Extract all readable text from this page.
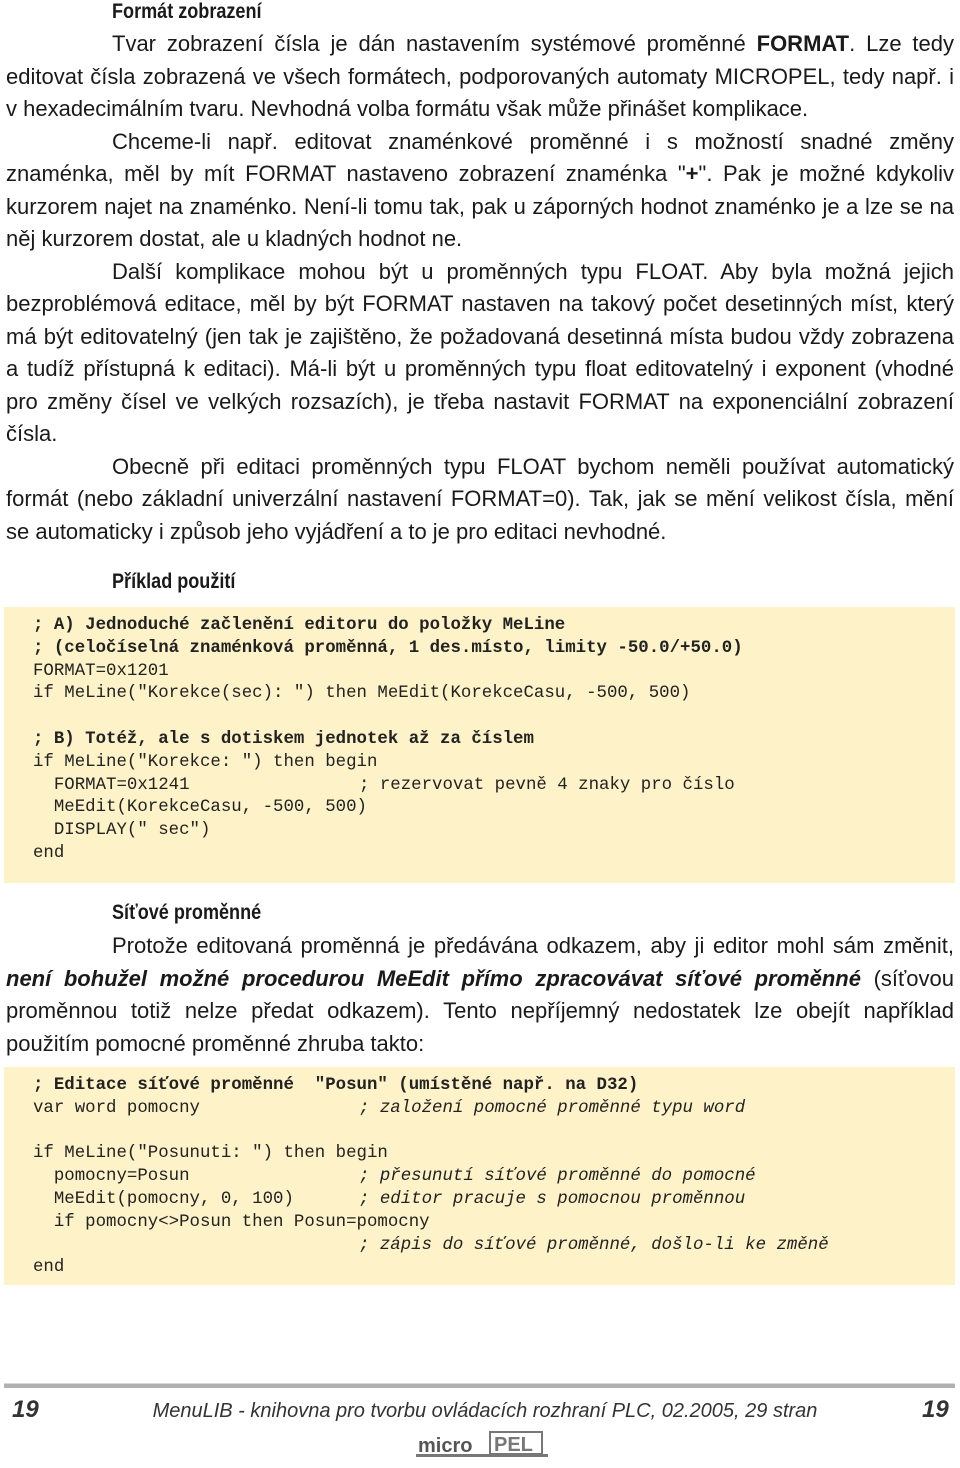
Formát zobrazení

Tvar zobrazení čísla je dán nastavením systémové proměnné FORMAT. Lze tedy editovat čísla zobrazená ve všech formátech, podporovaných automaty MICROPEL, tedy např. i v hexadecimálním tvaru. Nevhodná volba formátu však může přinášet komplikace.

Chceme-li např. editovat znaménkové proměnné i s možností snadné změny znaménka, měl by mít FORMAT nastaveno zobrazení znaménka "+". Pak je možné kdykoliv kurzorem najet na znaménko. Není-li tomu tak, pak u záporných hodnot znaménko je a lze se na něj kurzorem dostat, ale u kladných hodnot ne.

Další komplikace mohou být u proměnných typu FLOAT. Aby byla možná jejich bezproblémová editace, měl by být FORMAT nastaven na takový počet desetinných míst, který má být editovatelný (jen tak je zajištěno, že požadovaná desetinná místa budou vždy zobrazena a tudíž přístupná k editaci). Má-li být u proměnných typu float editovatelný i exponent (vhodné pro změny čísel ve velkých rozsazích), je třeba nastavit FORMAT na exponenciální zobrazení čísla.

Obecně při editaci proměnných typu FLOAT bychom neměli používat automatický formát (nebo základní univerzální nastavení FORMAT=0). Tak, jak se mění velikost čísla, mění se automaticky i způsob jeho vyjádření a to je pro editaci nevhodné.

Příklad použití
; A) Jednoduché začlenění editoru do položky MeLine
; (celočíselná znaménková proměnná, 1 des.místo, limity -50.0/+50.0)
FORMAT=0x1201
if MeLine("Korekce(sec): ") then MeEdit(KorekceCasu, -500, 500)
; B) Totéž, ale s dotiskem jednotek až za číslem
if MeLine("Korekce: ") then begin
FORMAT=0x1241	; rezervovat pevně 4 znaky pro číslo
MeEdit(KorekceCasu, -500, 500)
DISPLAY(" sec")
end
Síťové proměnné

Protože editovaná proměnná je předávána odkazem, aby ji editor mohl sám změnit, není bohužel možné procedurou MeEdit přímo zpracovávat síťové proměnné (síťovou proměnnou totiž nelze předat odkazem). Tento nepříjemný nedostatek lze obejít například použitím pomocné proměnné zhruba takto:

; Editace síťové proměnné  "Posun" (umístěné např. na D32)
var word pomocny	; založení pomocné proměnné typu word
if MeLine("Posunuti: ") then begin
pomocny=Posun	; přesunutí síťové proměnné do pomocné
MeEdit(pomocny, 0, 100)	; editor pracuje s pomocnou proměnnou
if pomocny<>Posun then Posun=pomocny
; zápis do síťové proměnné, došlo-li ke změně
end
19	MenuLIB - knihovna pro tvorbu ovládacích rozhraní PLC, 02.2005, 29 stran	19
micro PEL
